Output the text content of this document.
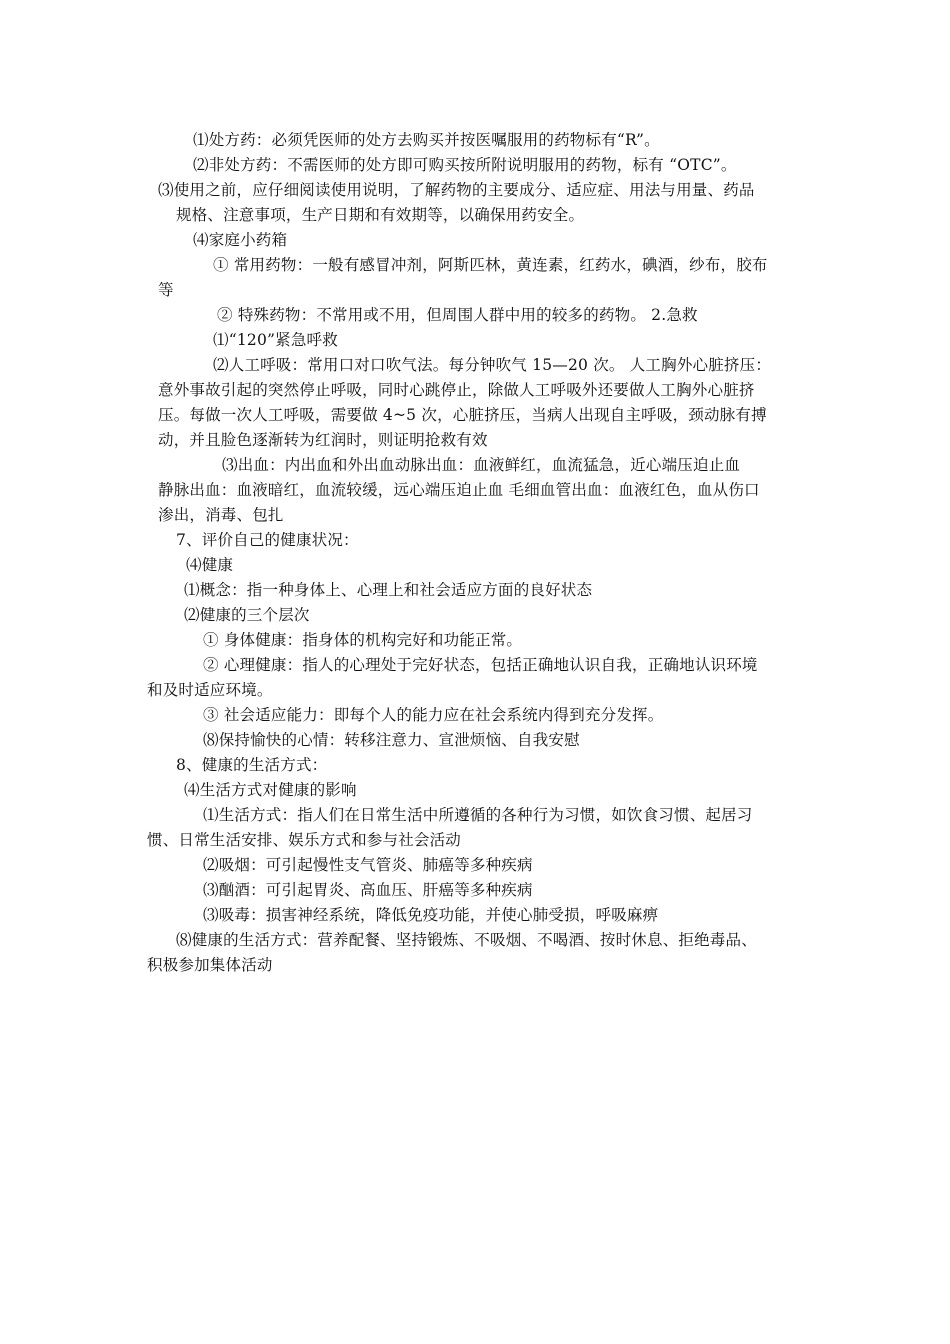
⑴处方药：必须凭医师的处方去购买并按医嘱服用的药物标有“R”。
⑵非处方药：不需医师的处方即可购买按所附说明服用的药物，标有 “OTC”。
⑶使用之前，应仔细阅读使用说明，了解药物的主要成分、适应症、用法与用量、药品
规格、注意事项，生产日期和有效期等，以确保用药安全。
⑷家庭小药箱
① 常用药物：一般有感冒冲剂，阿斯匹林，黄连素，红药水，碘酒，纱布，胶布
等
② 特殊药物：不常用或不用，但周围人群中用的较多的药物。 2.急救
⑴“120”紧急呼救
⑵人工呼吸：常用口对口吹气法。每分钟吹气 15—20 次。 人工胸外心脏挤压：
意外事故引起的突然停止呼吸，同时心跳停止，除做人工呼吸外还要做人工胸外心脏挤
压。每做一次人工呼吸，需要做 4~5 次，心脏挤压，当病人出现自主呼吸，颈动脉有搏
动，并且脸色逐渐转为红润时，则证明抢救有效
⑶出血：内出血和外出血动脉出血：血液鲜红，血流猛急，近心端压迫止血
静脉出血：血液暗红，血流较缓，远心端压迫止血 毛细血管出血：血液红色，血从伤口
渗出，消毒、包扎
7、评价自己的健康状况：
⑷健康
⑴概念：指一种身体上、心理上和社会适应方面的良好状态
⑵健康的三个层次
① 身体健康：指身体的机构完好和功能正常。
② 心理健康：指人的心理处于完好状态，包括正确地认识自我，正确地认识环境
和及时适应环境。
③ 社会适应能力：即每个人的能力应在社会系统内得到充分发挥。
⑻保持愉快的心情：转移注意力、宣泄烦恼、自我安慰
8、健康的生活方式：
⑷生活方式对健康的影响
⑴生活方式：指人们在日常生活中所遵循的各种行为习惯，如饮食习惯、起居习
惯、日常生活安排、娱乐方式和参与社会活动
⑵吸烟：可引起慢性支气管炎、肺癌等多种疾病
⑶酗酒：可引起胃炎、高血压、肝癌等多种疾病
⑶吸毒：损害神经系统，降低免疫功能，并使心肺受损，呼吸麻痹
⑻健康的生活方式：营养配餐、坚持锻炼、不吸烟、不喝酒、按时休息、拒绝毒品、
积极参加集体活动
